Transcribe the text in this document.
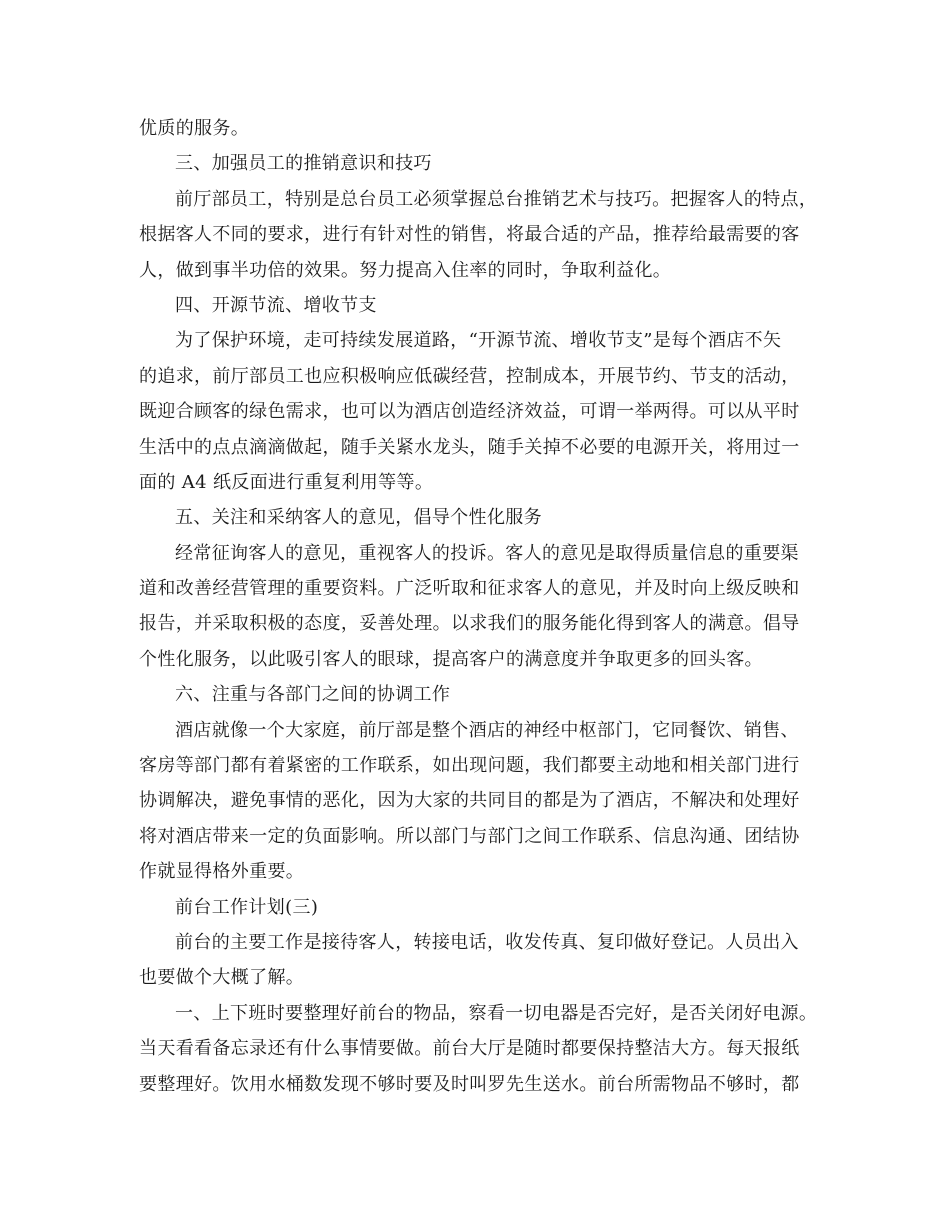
优质的服务。

三、加强员工的推销意识和技巧

前厅部员工，特别是总台员工必须掌握总台推销艺术与技巧。把握客人的特点，

根据客人不同的要求，进行有针对性的销售，将最合适的产品，推荐给最需要的客

人，做到事半功倍的效果。努力提高入住率的同时，争取利益化。

四、开源节流、增收节支

为了保护环境，走可持续发展道路，“开源节流、增收节支”是每个酒店不矢

的追求，前厅部员工也应积极响应低碳经营，控制成本，开展节约、节支的活动，

既迎合顾客的绿色需求，也可以为酒店创造经济效益，可谓一举两得。可以从平时

生活中的点点滴滴做起，随手关紧水龙头，随手关掉不必要的电源开关，将用过一

面的 A4 纸反面进行重复利用等等。

五、关注和采纳客人的意见，倡导个性化服务

经常征询客人的意见，重视客人的投诉。客人的意见是取得质量信息的重要渠

道和改善经营管理的重要资料。广泛听取和征求客人的意见，并及时向上级反映和

报告，并采取积极的态度，妥善处理。以求我们的服务能化得到客人的满意。倡导

个性化服务，以此吸引客人的眼球，提高客户的满意度并争取更多的回头客。

六、注重与各部门之间的协调工作

酒店就像一个大家庭，前厅部是整个酒店的神经中枢部门，它同餐饮、销售、

客房等部门都有着紧密的工作联系，如出现问题，我们都要主动地和相关部门进行

协调解决，避免事情的恶化，因为大家的共同目的都是为了酒店，不解决和处理好

将对酒店带来一定的负面影响。所以部门与部门之间工作联系、信息沟通、团结协

作就显得格外重要。

前台工作计划(三)

前台的主要工作是接待客人，转接电话，收发传真、复印做好登记。人员出入

也要做个大概了解。

一、上下班时要整理好前台的物品，察看一切电器是否完好，是否关闭好电源。

当天看看备忘录还有什么事情要做。前台大厅是随时都要保持整洁大方。每天报纸

要整理好。饮用水桶数发现不够时要及时叫罗先生送水。前台所需物品不够时，都
